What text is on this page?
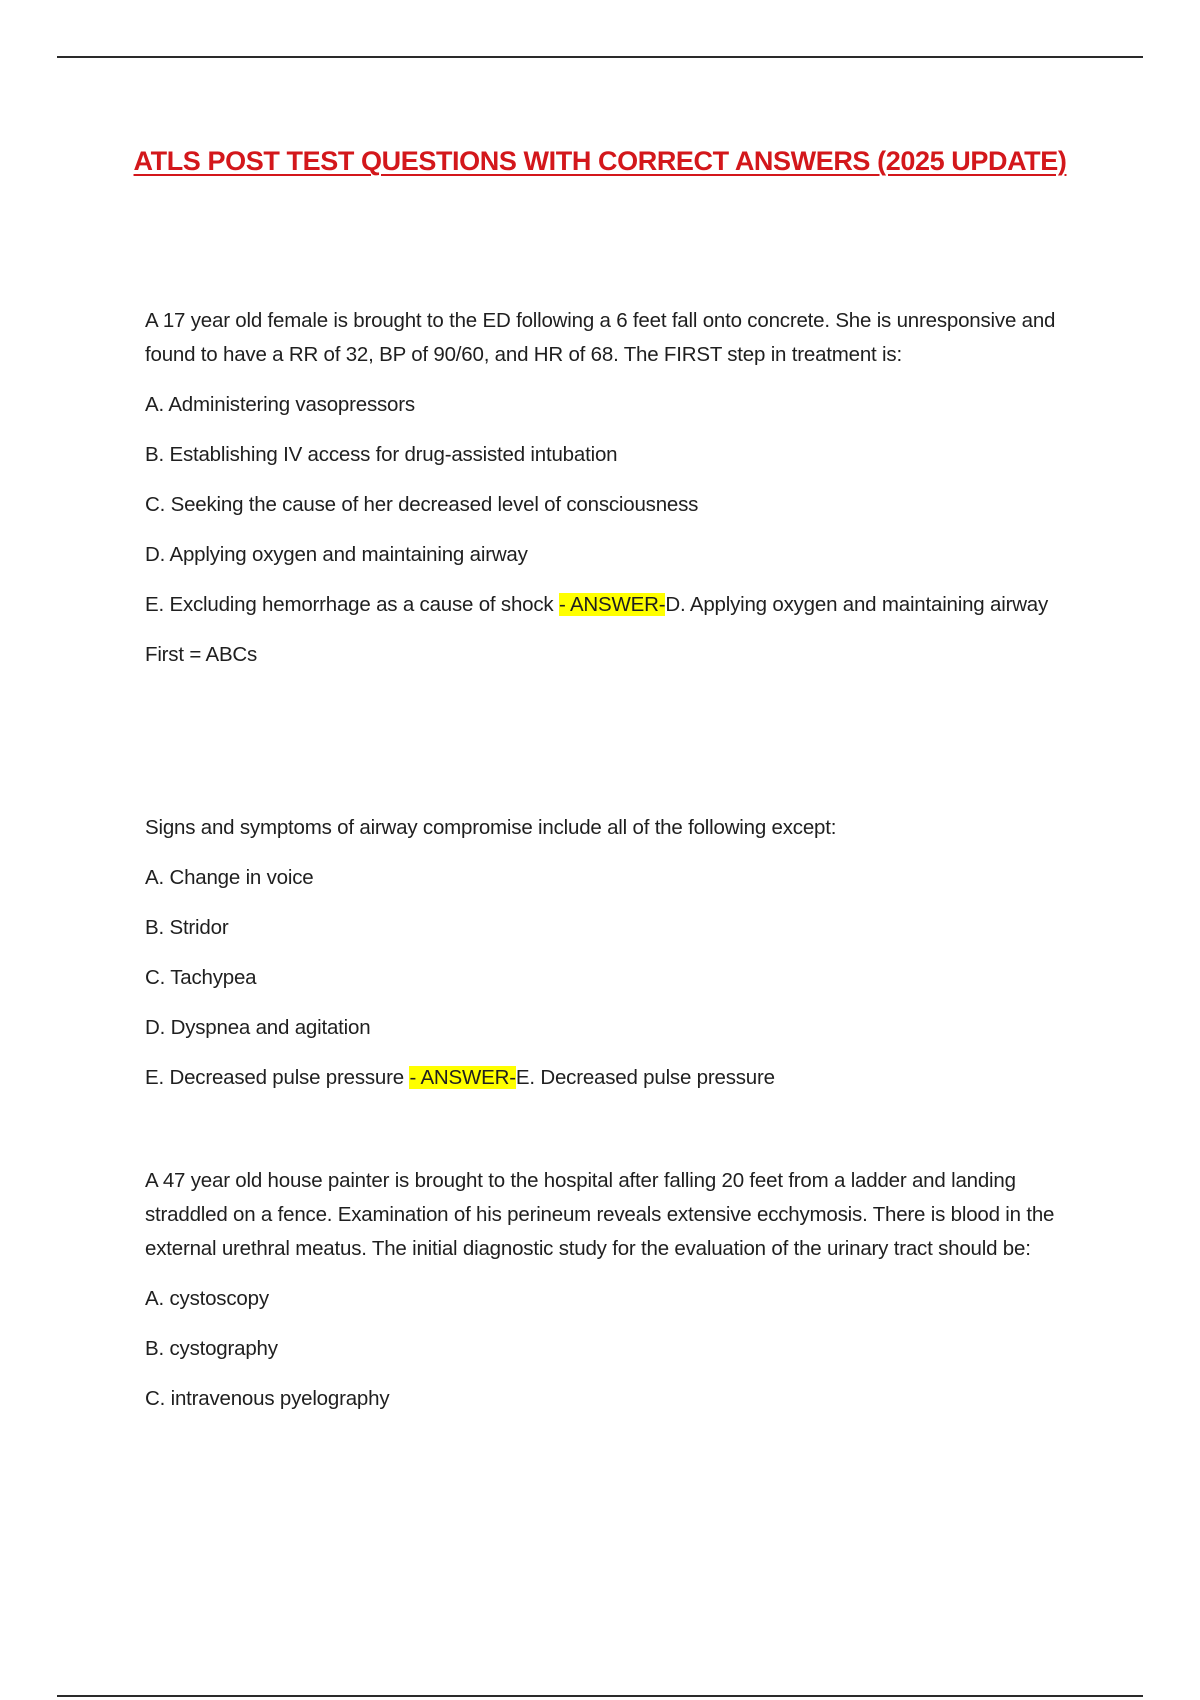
ATLS POST TEST QUESTIONS WITH CORRECT ANSWERS (2025 UPDATE)

A 17 year old female is brought to the ED following a 6 feet fall onto concrete. She is unresponsive and found to have a RR of 32, BP of 90/60, and HR of 68. The FIRST step in treatment is:

A. Administering vasopressors

B. Establishing IV access for drug-assisted intubation

C. Seeking the cause of her decreased level of consciousness

D. Applying oxygen and maintaining airway

E. Excluding hemorrhage as a cause of shock - ANSWER-D. Applying oxygen and maintaining airway

First = ABCs

Signs and symptoms of airway compromise include all of the following except:

A. Change in voice

B. Stridor

C. Tachypea

D. Dyspnea and agitation

E. Decreased pulse pressure - ANSWER-E. Decreased pulse pressure

A 47 year old house painter is brought to the hospital after falling 20 feet from a ladder and landing straddled on a fence. Examination of his perineum reveals extensive ecchymosis. There is blood in the external urethral meatus. The initial diagnostic study for the evaluation of the urinary tract should be:

A. cystoscopy

B. cystography

C. intravenous pyelography
